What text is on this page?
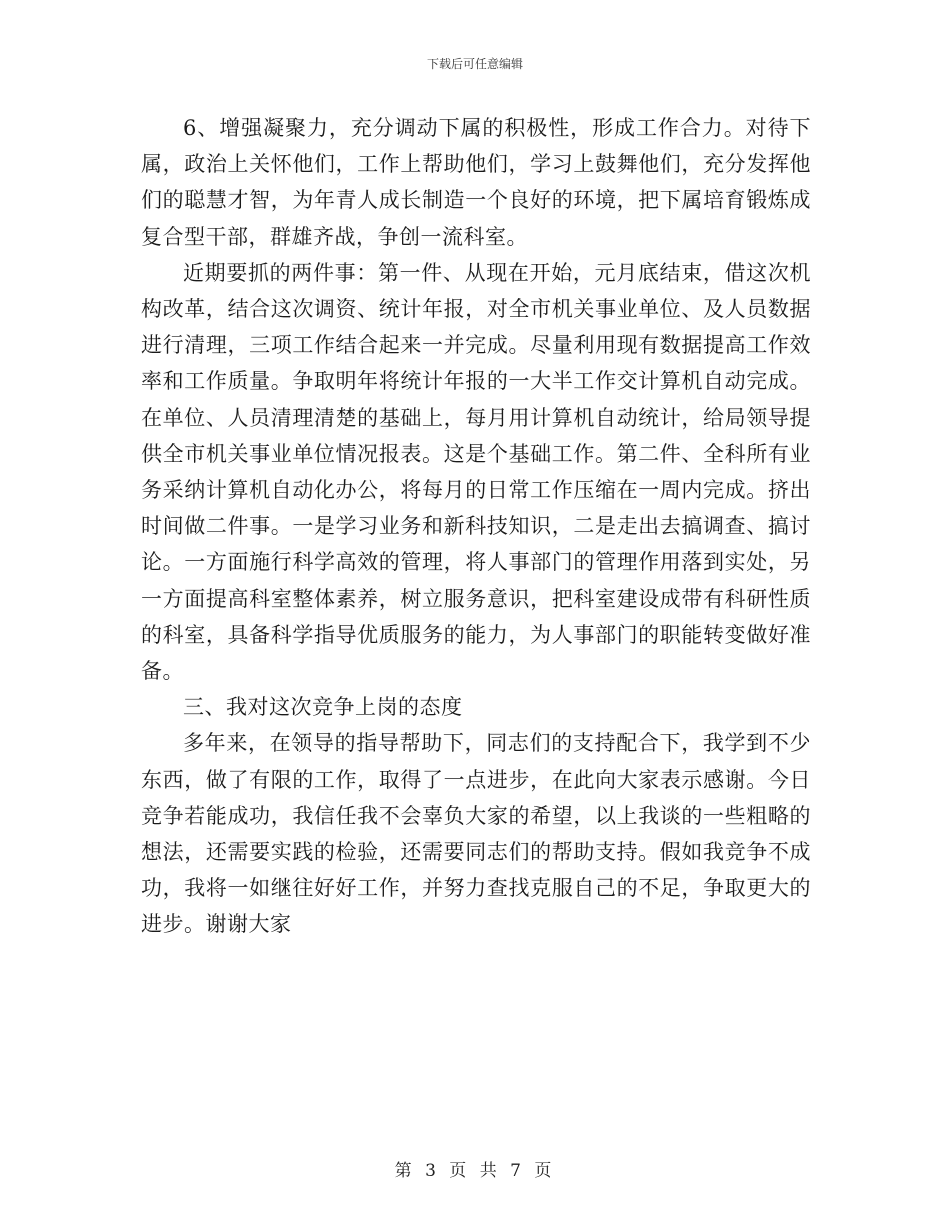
下载后可任意编辑

6、增强凝聚力，充分调动下属的积极性，形成工作合力。对待下属，政治上关怀他们，工作上帮助他们，学习上鼓舞他们，充分发挥他们的聪慧才智，为年青人成长制造一个良好的环境，把下属培育锻炼成复合型干部，群雄齐战，争创一流科室。

近期要抓的两件事：第一件、从现在开始，元月底结束，借这次机构改革，结合这次调资、统计年报，对全市机关事业单位、及人员数据进行清理，三项工作结合起来一并完成。尽量利用现有数据提高工作效率和工作质量。争取明年将统计年报的一大半工作交计算机自动完成。在单位、人员清理清楚的基础上，每月用计算机自动统计，给局领导提供全市机关事业单位情况报表。这是个基础工作。第二件、全科所有业务采纳计算机自动化办公，将每月的日常工作压缩在一周内完成。挤出时间做二件事。一是学习业务和新科技知识，二是走出去搞调查、搞讨论。一方面施行科学高效的管理，将人事部门的管理作用落到实处，另一方面提高科室整体素养，树立服务意识，把科室建设成带有科研性质的科室，具备科学指导优质服务的能力，为人事部门的职能转变做好准备。

三、我对这次竞争上岗的态度

多年来，在领导的指导帮助下，同志们的支持配合下，我学到不少东西，做了有限的工作，取得了一点进步，在此向大家表示感谢。今日竞争若能成功，我信任我不会辜负大家的希望，以上我谈的一些粗略的想法，还需要实践的检验，还需要同志们的帮助支持。假如我竞争不成功，我将一如继往好好工作，并努力查找克服自己的不足，争取更大的进步。谢谢大家

第 3 页 共 7 页
